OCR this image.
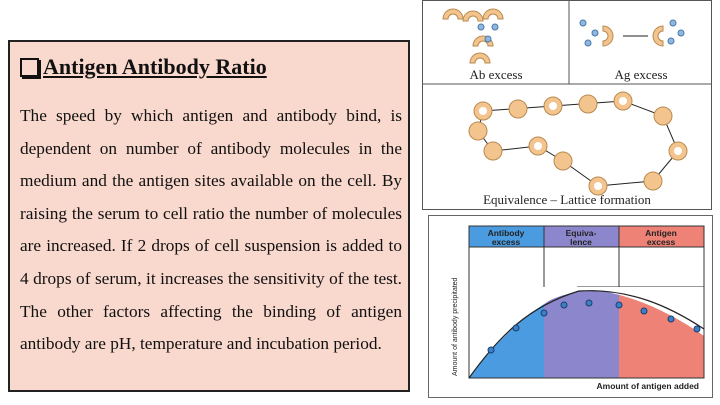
Antigen Antibody Ratio
The speed by which antigen and antibody bind, is dependent on number of antibody molecules in the medium and the antigen sites available on the cell. By raising the serum to cell ratio the number of molecules are increased. If 2 drops of cell suspension is added to 4 drops of serum, it increases the sensitivity of the test. The other factors affecting the binding of antigen antibody are pH, temperature and incubation period.
Ab excess	Ag excess
Equivalence – Lattice formation
Antibody
excess
Equiva-
lence
Antigen
excess
Amount of antibody precipitated
Amount of antigen added
